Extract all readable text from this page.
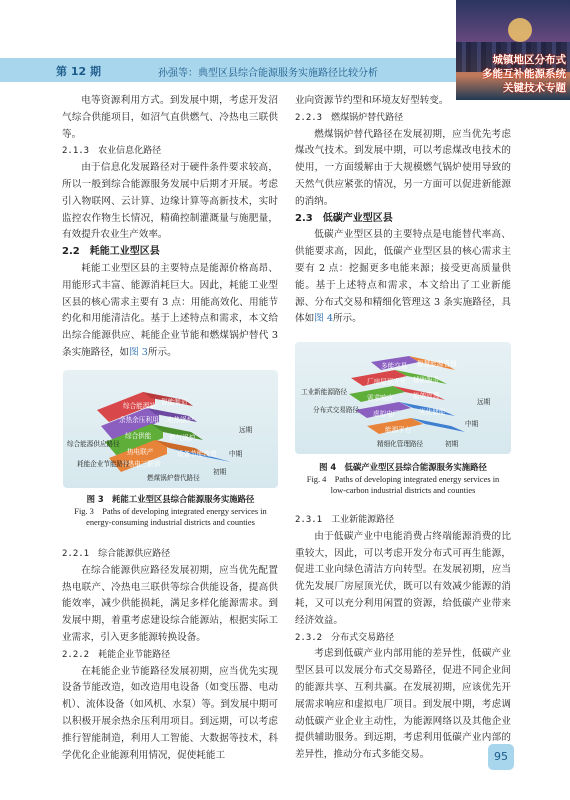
第 12 期	孙强等：典型区县综合能源服务实施路径比较分析
城镇地区分布式
多能互补能源系统
关键技术专题

电等资源利用方式。到发展中期，考虑开发沼气综合供能项目，如沼气直供燃气、冷热电三联供等。

2.1.3　农业信息化路径

由于信息化发展路径对于硬件条件要求较高，所以一般到综合能源服务发展中后期才开展。考虑引入物联网、云计算、边缘计算等高新技术，实时监控农作物生长情况，精确控制灌溉量与施肥量，有效提升农业生产效率。

2.2　耗能工业型区县

耗能工业型区县的主要特点是能源价格高昂、用能形式丰富、能源消耗巨大。因此，耗能工业型区县的核心需求主要有 3 点：用能高效化、用能节约化和用能清洁化。基于上述特点和需求，本文给出综合能源供应、耗能企业节能和燃煤锅炉替代 3 条实施路径，如图 3所示。

综合能源站 智能制造
余热余压利用 电热锅炉
燃气锅炉
综合供能
热电联产
冷热电三联供
设备节能改造
综合能源供应路径
耗能企业节能路径
燃煤锅炉替代路径
初期
中期
远期
图 3　耗能工业型区县综合能源服务实施路径
Fig. 3　Paths of developing integrated energy services in energy-consuming industrial districts and counties

2.2.1　综合能源供应路径

在综合能源供应路径发展初期，应当优先配置热电联产、冷热电三联供等综合供能设备，提高供能效率，减少供能损耗，满足多样化能源需求。到发展中期，着重考虑建设综合能源站，根据实际工业需求，引入更多能源转换设备。

2.2.2　耗能企业节能路径

在耗能企业节能路径发展初期，应当优先实现设备节能改造，如改造用电设备（如变压器、电动机）、流体设备（如风机、水泵）等。到发展中期可以积极开展余热余压利用项目。到远期，可以考虑推行智能制造，利用人工智能、大数据等技术，科学优化企业能源利用情况，促使耗能工

业向资源节约型和环境友好型转变。

2.2.3　燃煤锅炉替代路径

燃煤锅炉替代路径在发展初期，应当优先考虑煤改气技术。到发展中期，可以考虑煤改电技术的使用，一方面缓解由于大规模燃气锅炉使用导致的天然气供应紧张的情况，另一方面可以促进新能源的消纳。

2.3　低碳产业型区县

低碳产业型区县的主要特点是电能替代率高、供能要求高，因此，低碳产业型区县的核心需求主要有 2 点：挖掘更多电能来源；接受更高质量供能。基于上述特点和需求，本文给出了工业新能源、分布式交易和精细化管理这 3 条实施路径，具体如图 4所示。

多能交易 智慧能源管理
辅助服务
厂房屋顶光伏
需求响应	能效管理
虚拟电厂	光伏储能
能源平台
工业新能源路径
分布式交易路径
精细化管理路径	初期
中期
远期
图 4　低碳产业型区县综合能源服务实施路径
Fig. 4　Paths of developing integrated energy services in
low-carbon industrial districts and counties

2.3.1　工业新能源路径

由于低碳产业中电能消费占终端能源消费的比重较大，因此，可以考虑开发分布式可再生能源，促进工业向绿色清洁方向转型。在发展初期，应当优先发展厂房屋顶光伏，既可以有效减少能源的消耗，又可以充分利用闲置的资源，给低碳产业带来经济效益。

2.3.2　分布式交易路径

考虑到低碳产业内部用能的差异性，低碳产业型区县可以发展分布式交易路径，促进不同企业间的能源共享、互利共赢。在发展初期，应该优先开展需求响应和虚拟电厂项目。到发展中期，考虑调动低碳产业企业主动性，为能源网络以及其他企业提供辅助服务。到远期，考虑利用低碳产业内部的差异性，推动分布式多能交易。	95
